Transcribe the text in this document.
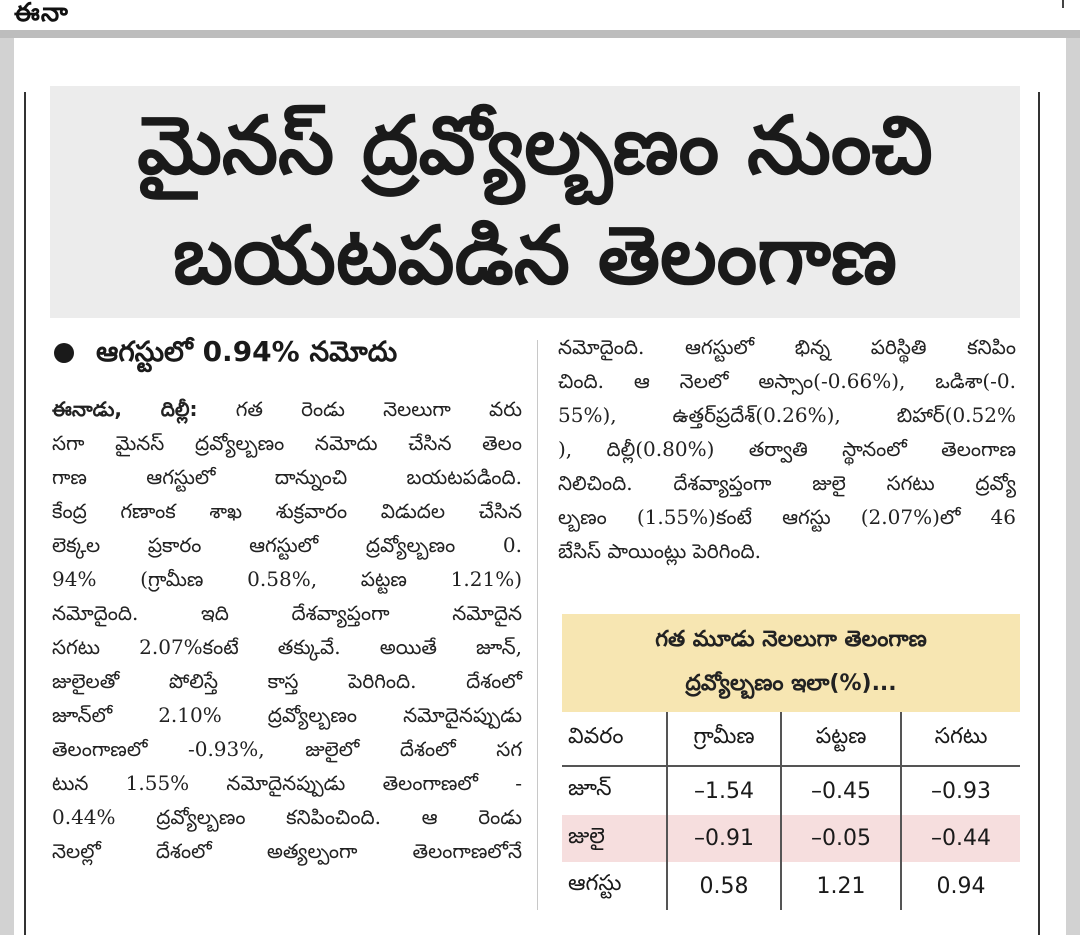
ఈనా
మైనస్ ద్రవ్యోల్బణం నుంచి
బయటపడిన తెలంగాణ
ఆగస్టులో 0.94% నమోదు
ఈనాడు, దిల్లీ: గత రెండు నెలలుగా వరు
సగా మైనస్ ద్రవ్యోల్బణం నమోదు చేసిన తెలం
గాణ ఆగస్టులో దాన్నుంచి బయటపడింది.
కేంద్ర గణాంక శాఖ శుక్రవారం విడుదల చేసిన
లెక్కల ప్రకారం ఆగస్టులో ద్రవ్యోల్బణం 0.
94% (గ్రామీణ 0.58%, పట్టణ 1.21%)
నమోదైంది. ఇది దేశవ్యాప్తంగా నమోదైన
సగటు 2.07%కంటే తక్కువే. అయితే జూన్,
జులైలతో పోలిస్తే కాస్త పెరిగింది. దేశంలో
జూన్‌లో 2.10% ద్రవ్యోల్బణం నమోదైనప్పుడు
తెలంగాణలో -0.93%, జులైలో దేశంలో సగ
టున 1.55% నమోదైనప్పుడు తెలంగాణలో -
0.44% ద్రవ్యోల్బణం కనిపించింది. ఆ రెండు
నెలల్లో దేశంలో అత్యల్పంగా తెలంగాణలోనే
నమోదైంది. ఆగస్టులో భిన్న పరిస్థితి కనిపిం
చింది. ఆ నెలలో అస్సాం(-0.66%), ఒడిశా(-0.
55%), ఉత్తర్‌ప్రదేశ్(0.26%), బిహార్(0.52%
), దిల్లీ(0.80%) తర్వాతి స్థానంలో తెలంగాణ
నిలిచింది. దేశవ్యాప్తంగా జులై సగటు ద్రవ్యో
ల్బణం (1.55%)కంటే ఆగస్టు (2.07%)లో 46
బేసిస్ పాయింట్లు పెరిగింది.
గత మూడు నెలలుగా తెలంగాణ
ద్రవ్యోల్బణం ఇలా(%)...
వివరం	గ్రామీణ	పట్టణ	సగటు
జూన్	–1.54	–0.45	–0.93
జులై	–0.91	–0.05	–0.44
ఆగస్టు	0.58	1.21	0.94
